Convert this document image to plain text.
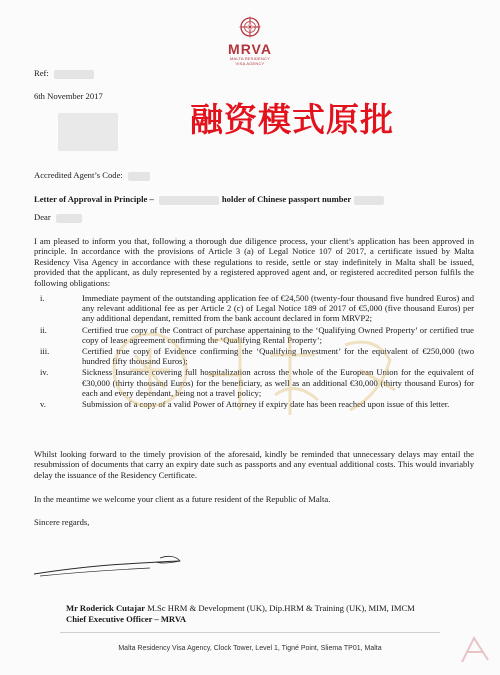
MRVA
MALTA RESIDENCY
VISA AGENCY
Ref:
6th November 2017
融资模式原批
Accredited Agent’s Code:
Letter of Approval in Principle –	holder of Chinese passport number
Dear
I am pleased to inform you that, following a thorough due diligence process, your client’s application has been approved in principle. In accordance with the provisions of Article 3 (a) of Legal Notice 107 of 2017, a certificate issued by Malta Residency Visa Agency in accordance with these regulations to reside, settle or stay indefinitely in Malta shall be issued, provided that the applicant, as duly represented by a registered approved agent and, or registered accredited person fulfils the following obligations:
i.	Immediate payment of the outstanding application fee of €24,500 (twenty-four thousand five hundred Euros) and any relevant additional fee as per Article 2 (c) of Legal Notice 189 of 2017 of €5,000 (five thousand Euros) per any additional dependant, remitted from the bank account declared in form MRVP2;
ii.	Certified true copy of the Contract of purchase appertaining to the ‘Qualifying Owned Property’ or certified true copy of lease agreement confirming the ‘Qualifying Rental Property’;
iii.	Certified true copy of Evidence confirming the ‘Qualifying Investment’ for the equivalent of €250,000 (two hundred fifty thousand Euros);
iv.	Sickness Insurance covering full hospitalization across the whole of the European Union for the equivalent of €30,000 (thirty thousand Euros) for the beneficiary, as well as an additional €30,000 (thirty thousand Euros) for each and every dependant, being not a travel policy;
v.	Submission of a copy of a valid Power of Attorney if expiry date has been reached upon issue of this letter.
Whilst looking forward to the timely provision of the aforesaid, kindly be reminded that unnecessary delays may entail the resubmission of documents that carry an expiry date such as passports and any eventual additional costs. This would invariably delay the issuance of the Residency Certificate.
In the meantime we welcome your client as a future resident of the Republic of Malta.
Sincere regards,
Mr Roderick Cutajar M.Sc HRM & Development (UK), Dip.HRM & Training (UK), MIM, IMCM
Chief Executive Officer – MRVA
Malta Residency Visa Agency, Clock Tower, Level 1, Tigné Point, Sliema TP01, Malta
